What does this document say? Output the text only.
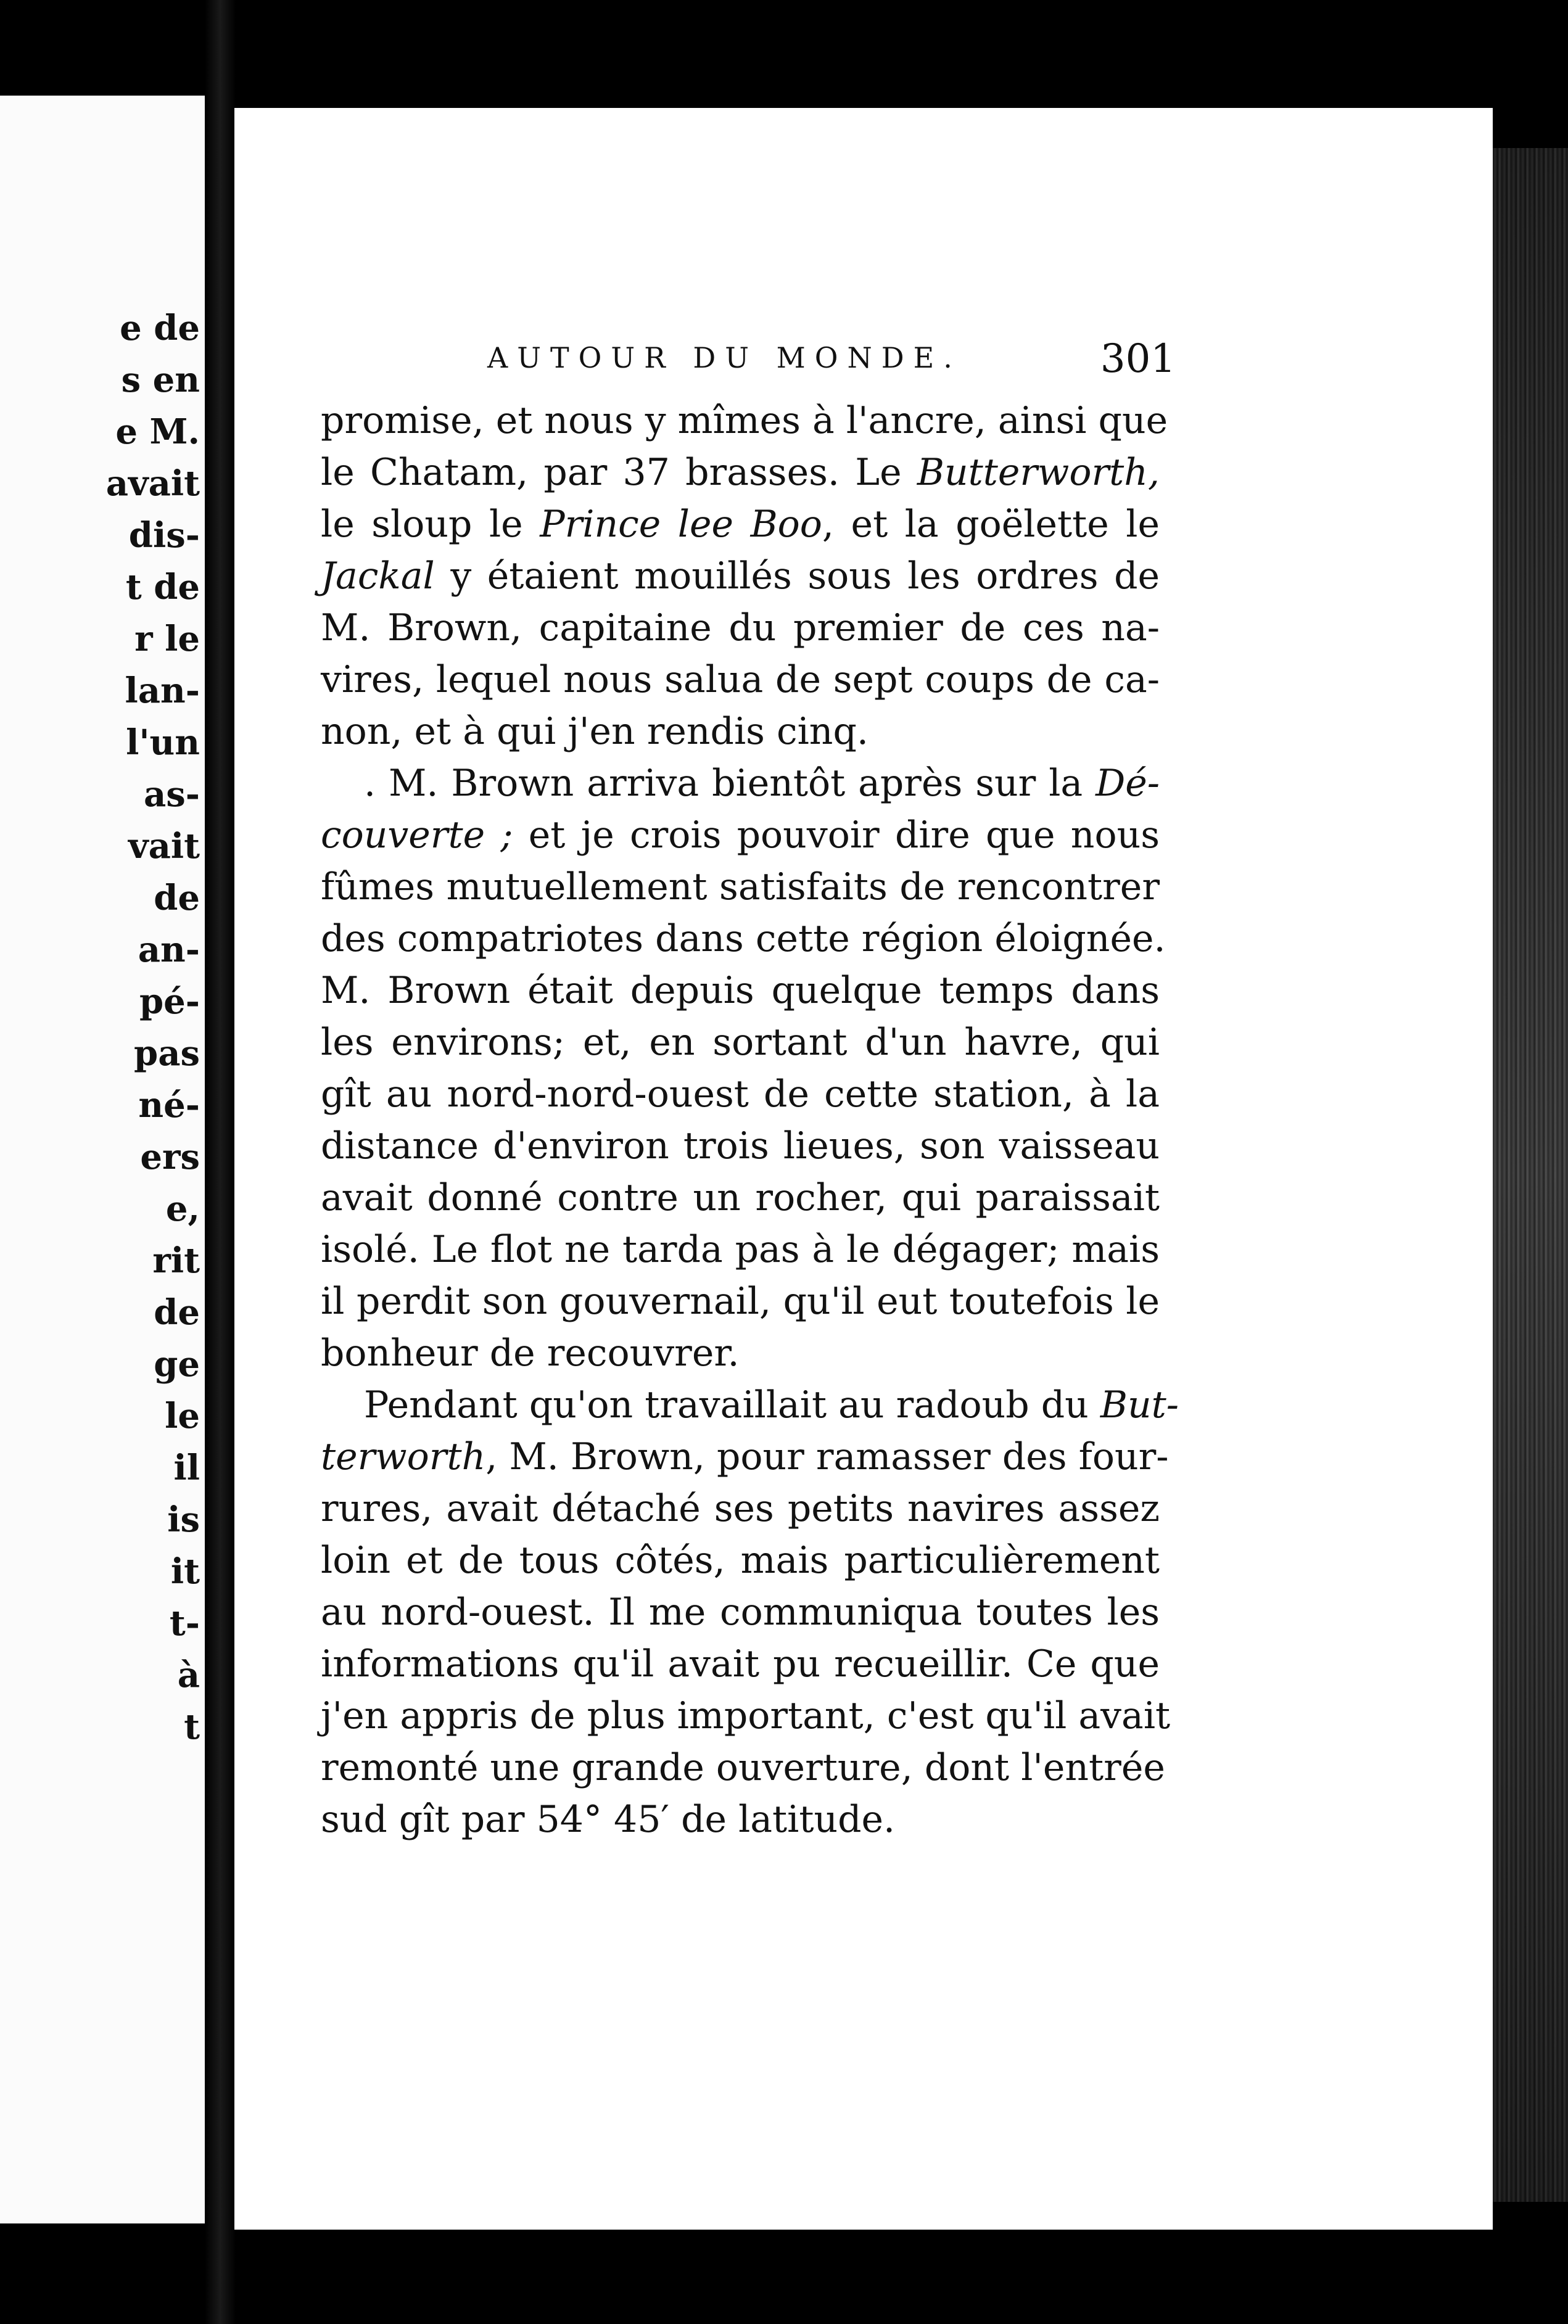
e de

s en

e M.

avait

dis-

t de

r le

lan-

l'un

as-

vait

de

an-

pé-

pas

né-

ers

e,

rit

de

ge

le

il

is

it

t-

à

t

AUTOUR DU MONDE.	301

promise, et nous y mîmes à l'ancre, ainsi que
le Chatam, par 37 brasses. Le Butterworth,
le sloup le Prince lee Boo, et la goëlette le
Jackal y étaient mouillés sous les ordres de
M. Brown, capitaine du premier de ces na-
vires, lequel nous salua de sept coups de ca-
non, et à qui j'en rendis cinq.
. M. Brown arriva bientôt après sur la Dé-
couverte ; et je crois pouvoir dire que nous
fûmes mutuellement satisfaits de rencontrer
des compatriotes dans cette région éloignée.
M. Brown était depuis quelque temps dans
les environs; et, en sortant d'un havre, qui
gît au nord-nord-ouest de cette station, à la
distance d'environ trois lieues, son vaisseau
avait donné contre un rocher, qui paraissait
isolé. Le flot ne tarda pas à le dégager; mais
il perdit son gouvernail, qu'il eut toutefois le
bonheur de recouvrer.
Pendant qu'on travaillait au radoub du But-
terworth, M. Brown, pour ramasser des four-
rures, avait détaché ses petits navires assez
loin et de tous côtés, mais particulièrement
au nord-ouest. Il me communiqua toutes les
informations qu'il avait pu recueillir. Ce que
j'en appris de plus important, c'est qu'il avait
remonté une grande ouverture, dont l'entrée
sud gît par 54° 45′ de latitude.
